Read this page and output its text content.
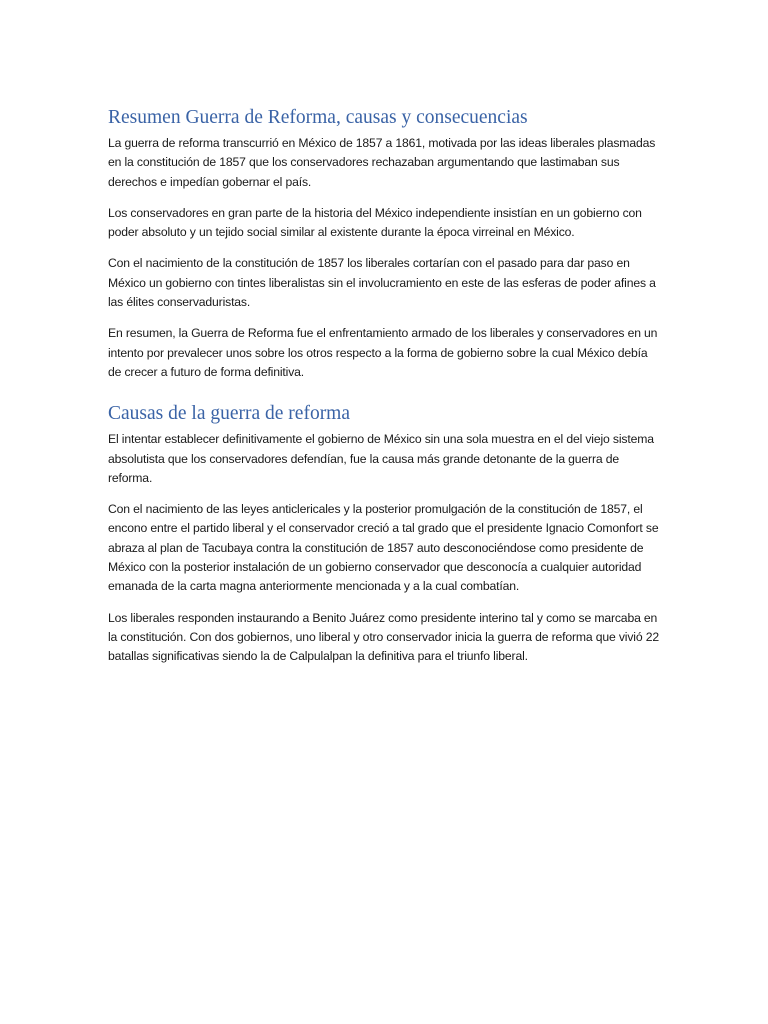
Resumen Guerra de Reforma, causas y consecuencias

La guerra de reforma transcurrió en México de 1857 a 1861, motivada por las ideas liberales plasmadas en la constitución de 1857 que los conservadores rechazaban argumentando que lastimaban sus derechos e impedían gobernar el país.

Los conservadores en gran parte de la historia del México independiente insistían en un gobierno con poder absoluto y un tejido social similar al existente durante la época virreinal en México.

Con el nacimiento de la constitución de 1857 los liberales cortarían con el pasado para dar paso en México un gobierno con tintes liberalistas sin el involucramiento en este de las esferas de poder afines a las élites conservaduristas.

En resumen, la Guerra de Reforma fue el enfrentamiento armado de los liberales y conservadores en un intento por prevalecer unos sobre los otros respecto a la forma de gobierno sobre la cual México debía de crecer a futuro de forma definitiva.

Causas de la guerra de reforma

El intentar establecer definitivamente el gobierno de México sin una sola muestra en el del viejo sistema absolutista que los conservadores defendían, fue la causa más grande detonante de la guerra de reforma.

Con el nacimiento de las leyes anticlericales y la posterior promulgación de la constitución de 1857, el encono entre el partido liberal y el conservador creció a tal grado que el presidente Ignacio Comonfort se abraza al plan de Tacubaya contra la constitución de 1857 auto desconociéndose como presidente de México con la posterior instalación de un gobierno conservador que desconocía a cualquier autoridad emanada de la carta magna anteriormente mencionada y a la cual combatían.

Los liberales responden instaurando a Benito Juárez como presidente interino tal y como se marcaba en la constitución. Con dos gobiernos, uno liberal y otro conservador inicia la guerra de reforma que vivió 22 batallas significativas siendo la de Calpulalpan la definitiva para el triunfo liberal.
